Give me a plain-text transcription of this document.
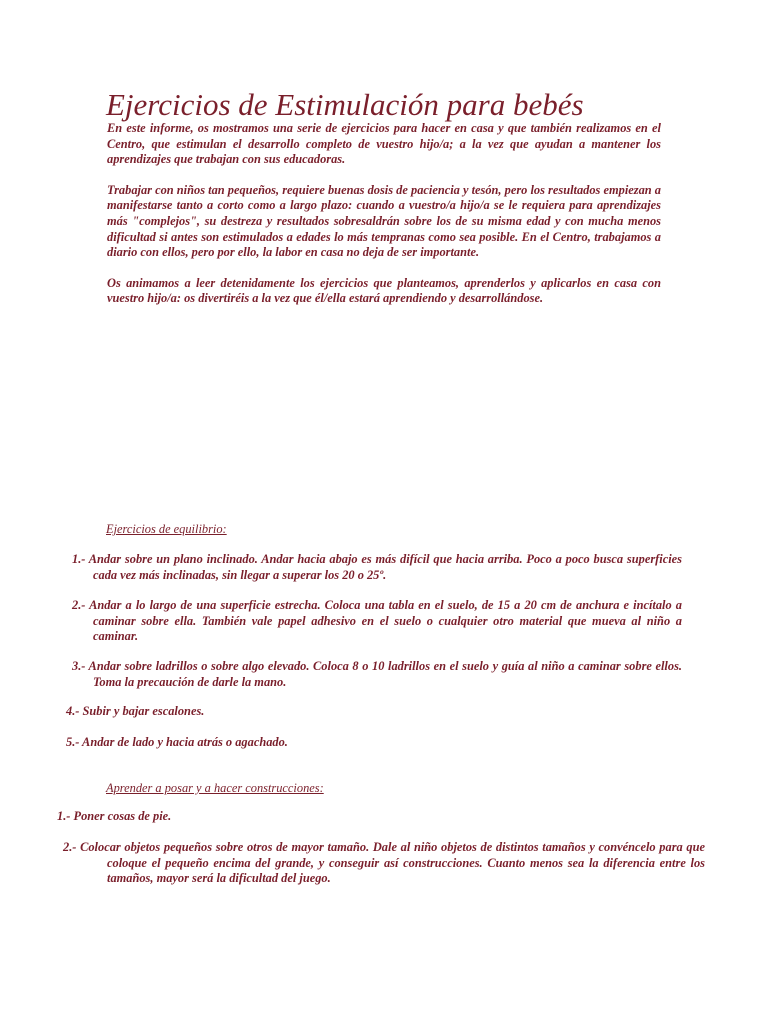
Ejercicios de Estimulación para bebés

En este informe, os mostramos una serie de ejercicios para hacer en casa y que también realizamos en el Centro, que estimulan el desarrollo completo de vuestro hijo/a; a la vez que ayudan a mantener los aprendizajes que trabajan con sus educadoras.

Trabajar con niños tan pequeños, requiere buenas dosis de paciencia y tesón, pero los resultados empiezan a manifestarse tanto a corto como a largo plazo: cuando a vuestro/a hijo/a se le requiera para aprendizajes más "complejos", su destreza y resultados sobresaldrán sobre los de su misma edad y con mucha menos dificultad si antes son estimulados a edades lo más tempranas como sea posible. En el Centro, trabajamos a diario con ellos, pero por ello, la labor en casa no deja de ser importante.

Os animamos a leer detenidamente los ejercicios que planteamos, aprenderlos y aplicarlos en casa con vuestro hijo/a: os divertiréis a la vez que él/ella estará aprendiendo y desarrollándose.

Ejercicios de equilibrio:

1.- Andar sobre un plano inclinado. Andar hacia abajo es más difícil que hacia arriba. Poco a poco busca superficies cada vez más inclinadas, sin llegar a superar los 20 o 25º.

2.- Andar a lo largo de una superficie estrecha. Coloca una tabla en el suelo, de 15 a 20 cm de anchura e incítalo a caminar sobre ella. También vale papel adhesivo en el suelo o cualquier otro material que mueva al niño a caminar.

3.- Andar sobre ladrillos o sobre algo elevado. Coloca 8 o 10 ladrillos en el suelo y guía al niño a caminar sobre ellos. Toma la precaución de darle la mano.

4.- Subir y bajar escalones.

5.- Andar de lado y hacia atrás o agachado.

Aprender a posar y a hacer construcciones:

1.- Poner cosas de pie.

2.- Colocar objetos pequeños sobre otros de mayor tamaño. Dale al niño objetos de distintos tamaños y convéncelo para que coloque el pequeño encima del grande, y conseguir así construcciones. Cuanto menos sea la diferencia entre los tamaños, mayor será la dificultad del juego.
